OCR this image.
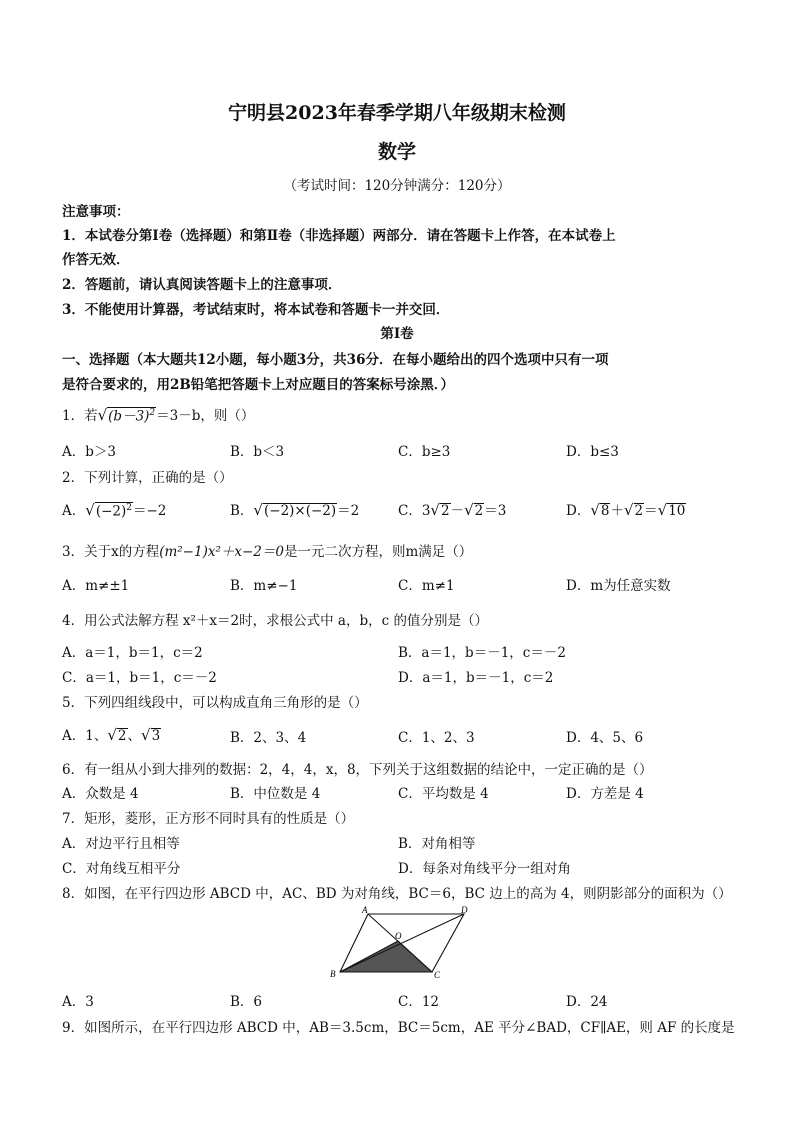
宁明县2023年春季学期八年级期末检测
数学
（考试时间：120分钟满分：120分）
注意事项：
1．本试卷分第Ⅰ卷（选择题）和第Ⅱ卷（非选择题）两部分．请在答题卡上作答，在本试卷上
作答无效．
2．答题前，请认真阅读答题卡上的注意事项．
3．不能使用计算器，考试结束时，将本试卷和答题卡一并交回．
第Ⅰ卷
一、选择题（本大题共12小题，每小题3分，共36分．在每小题给出的四个选项中只有一项
是符合要求的，用2B铅笔把答题卡上对应题目的答案标号涂黑．）
1．若$√(b-3)^2=3-b$，则（）
A．b＞3	B．b＜3	C．b≥3	D．b≤3
2．下列计算，正确的是（）
A．$√(-2)^2=-2$	B．√(−2)×(−2)＝2	C．3√2－√2＝3	D．√8＋√2＝√10
3．关于x的方程(m²−1)x²＋x−2＝0是一元二次方程，则m满足（）
A．m≠±1	B．m≠−1	C．m≠1	D．m为任意实数
4．用公式法解方程 x²＋x＝2时，求根公式中 a，b，c 的值分别是（）
A．a＝1，b＝1，c＝2	B．a＝1，b＝－1，c＝－2
C．a＝1，b＝1，c＝－2	D．a＝1，b＝－1，c＝2
5．下列四组线段中，可以构成直角三角形的是（）
A．1、√2、√3	B．2、3、4	C．1、2、3	D．4、5、6
6．有一组从小到大排列的数据：2，4，4，x，8，下列关于这组数据的结论中，一定正确的是（）
A．众数是 4	B．中位数是 4	C．平均数是 4	D．方差是 4
7．矩形，菱形，正方形不同时具有的性质是（）
A．对边平行且相等	B．对角相等
C．对角线互相平分	D．每条对角线平分一组对角
8．如图，在平行四边形 ABCD 中，AC、BD 为对角线，BC＝6，BC 边上的高为 4，则阴影部分的面积为（）
A	D
O
B	C
A．3	B．6	C．12	D．24
9．如图所示，在平行四边形 ABCD 中，AB＝3.5cm，BC＝5cm，AE 平分∠BAD，CF∥AE，则 AF 的长度是
